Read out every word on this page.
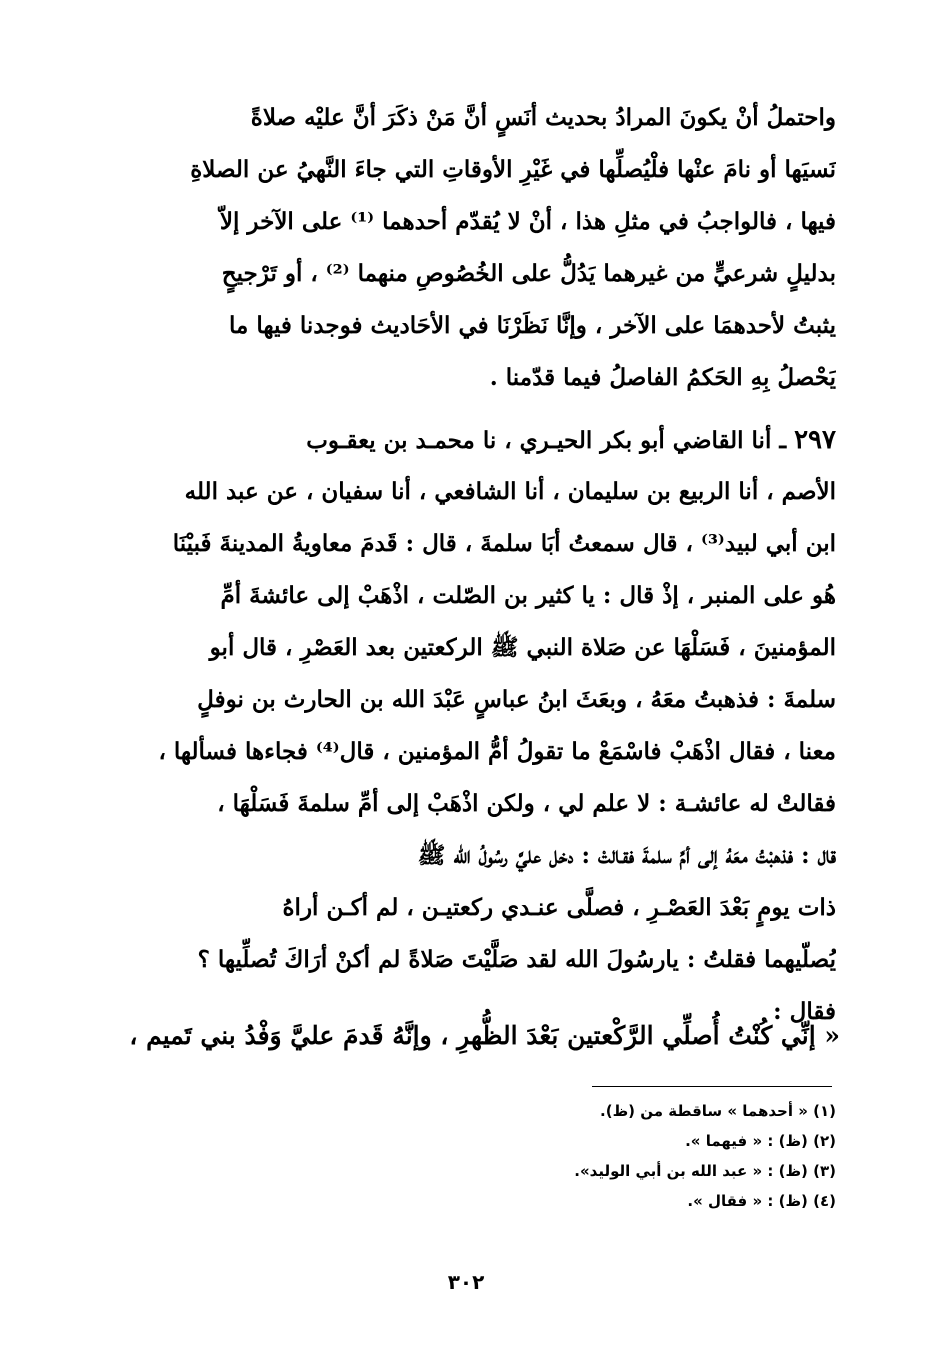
واحتملُ أنْ يكونَ المرادُ بحديث أنَسٍ أنَّ مَنْ ذكَرَ أنَّ عليْه صلاةً
نَسيَها أو نامَ عنْها فلْيُصلِّها في غَيْرِ الأوقاتِ التي جاءَ النَّهيُ عن الصلاةِ
فيها ، فالواجبُ في مثلِ هذا ، أنْ لا يُقدّم أحدهما ⁽¹⁾ على الآخر إلاّ
بدليلٍ شرعيٍّ من غيرهما يَدُلُّ على الخُصُوصِ منهما ⁽²⁾ ، أو تَرْجيحٍ
يثبتُ لأحدهمَا على الآخر ، وإنَّا نَظَرْنَا في الأحَاديث فوجدنا فيها ما
يَحْصلُ بِهِ الحَكمُ الفاصلُ فيما قدّمنا .
٢٩٧ ـ أنا القاضي أبو بكر الحيـري ، نا محمـد بن يعقـوب
الأصم ، أنا الربيع بن سليمان ، أنا الشافعي ، أنا سفيان ، عن عبد الله
ابن أبي لبيد⁽³⁾ ، قال سمعتُ أبَا سلمةَ ، قال : قَدمَ معاويةُ المدينةَ فَبيْنَا
هُو على المنبر ، إذْ قال : يا كثير بن الصّلت ، اذْهَبْ إلى عائشةَ أمِّ
المؤمنينَ ، فَسَلْهَا عن صَلاة النبي ﷺ الركعتين بعد العَصْرِ ، قال أبو
سلمةَ : فذهبتُ معَهُ ، وبعَثَ ابنُ عباسٍ عَبْدَ الله بن الحارث بن نوفلٍ
معنا ، فقال اذْهَبْ فاسْمَعْ ما تقولُ أمُّ المؤمنين ، قال⁽⁴⁾ فجاءها فسألها ،
فقالتْ له عائشـة : لا علم لي ، ولكن اذْهَبْ إلى أمِّ سلمةَ فَسَلْهَا ،
قال : فذهبْتُ معَهُ إلى أمِّ سلمةَ فقـالتْ : دخل عليَّ رسُولُ الله ﷺ
ذات يومٍ بَعْدَ العَصْـرِ ، فصلَّى عنـدي ركعتيـن ، لم أكـن أراهُ
يُصلّيهما فقلتُ : يارسُولَ الله لقد صَلَّيْتَ صَلاةً لم أكنْ أرَاكَ تُصلِّيها ؟
فقال :
« إنِّي كُنْتُ أُصلِّي الرَّكْعتين بَعْدَ الظُّهرِ ، وإنَّهُ قَدمَ عليَّ وَفْدُ بني تَميم ،
(١) « أحدهما » ساقطة من (ظ).
(٢) (ظ) : « فيهما ».
(٣) (ظ) : « عبد الله بن أبي الوليد».
(٤) (ظ) : « فقال ».
٣٠٢
